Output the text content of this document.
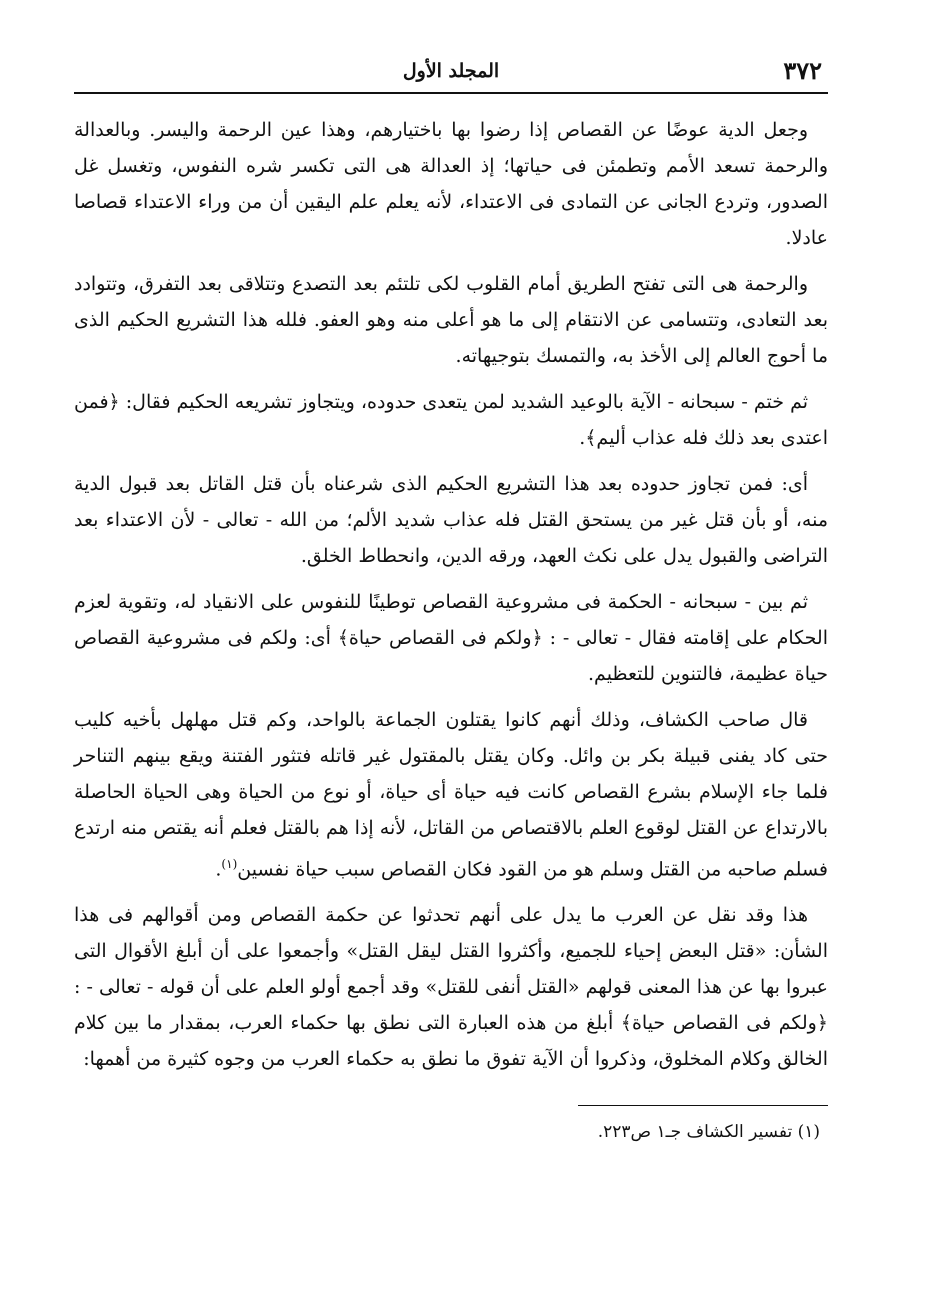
٣٧٢
المجلد الأول

وجعل الدية عوضًا عن القصاص إذا رضوا بها باختيارهم، وهذا عين الرحمة واليسر. وبالعدالة والرحمة تسعد الأمم وتطمئن فى حياتها؛ إذ العدالة هى التى تكسر شره النفوس، وتغسل غل الصدور، وتردع الجانى عن التمادى فى الاعتداء، لأنه يعلم علم اليقين أن من وراء الاعتداء قصاصا عادلا.

والرحمة هى التى تفتح الطريق أمام القلوب لكى تلتئم بعد التصدع وتتلاقى بعد التفرق، وتتوادد بعد التعادى، وتتسامى عن الانتقام إلى ما هو أعلى منه وهو العفو. فلله هذا التشريع الحكيم الذى ما أحوج العالم إلى الأخذ به، والتمسك بتوجيهاته.

ثم ختم - سبحانه - الآية بالوعيد الشديد لمن يتعدى حدوده، ويتجاوز تشريعه الحكيم فقال: ﴿فمن اعتدى بعد ذلك فله عذاب أليم﴾.

أى: فمن تجاوز حدوده بعد هذا التشريع الحكيم الذى شرعناه بأن قتل القاتل بعد قبول الدية منه، أو بأن قتل غير من يستحق القتل فله عذاب شديد الألم؛ من الله - تعالى - لأن الاعتداء بعد التراضى والقبول يدل على نكث العهد، ورقه الدين، وانحطاط الخلق.

ثم بين - سبحانه - الحكمة فى مشروعية القصاص توطينًا للنفوس على الانقياد له، وتقوية لعزم الحكام على إقامته فقال - تعالى - : ﴿ولكم فى القصاص حياة﴾ أى: ولكم فى مشروعية القصاص حياة عظيمة، فالتنوين للتعظيم.

قال صاحب الكشاف، وذلك أنهم كانوا يقتلون الجماعة بالواحد، وكم قتل مهلهل بأخيه كليب حتى كاد يفنى قبيلة بكر بن وائل. وكان يقتل بالمقتول غير قاتله فتثور الفتنة ويقع بينهم التناحر فلما جاء الإسلام بشرع القصاص كانت فيه حياة أى حياة، أو نوع من الحياة وهى الحياة الحاصلة بالارتداع عن القتل لوقوع العلم بالاقتصاص من القاتل، لأنه إذا هم بالقتل فعلم أنه يقتص منه ارتدع فسلم صاحبه من القتل وسلم هو من القود فكان القصاص سبب حياة نفسين$^{(١)}$.

هذا وقد نقل عن العرب ما يدل على أنهم تحدثوا عن حكمة القصاص ومن أقوالهم فى هذا الشأن: «قتل البعض إحياء للجميع، وأكثروا القتل ليقل القتل» وأجمعوا على أن أبلغ الأقوال التى عبروا بها عن هذا المعنى قولهم «القتل أنفى للقتل» وقد أجمع أولو العلم على أن قوله - تعالى - : ﴿ولكم فى القصاص حياة﴾ أبلغ من هذه العبارة التى نطق بها حكماء العرب، بمقدار ما بين كلام الخالق وكلام المخلوق، وذكروا أن الآية تفوق ما نطق به حكماء العرب من وجوه كثيرة من أهمها:

(١) تفسير الكشاف جـ١ ص٢٢٣.
